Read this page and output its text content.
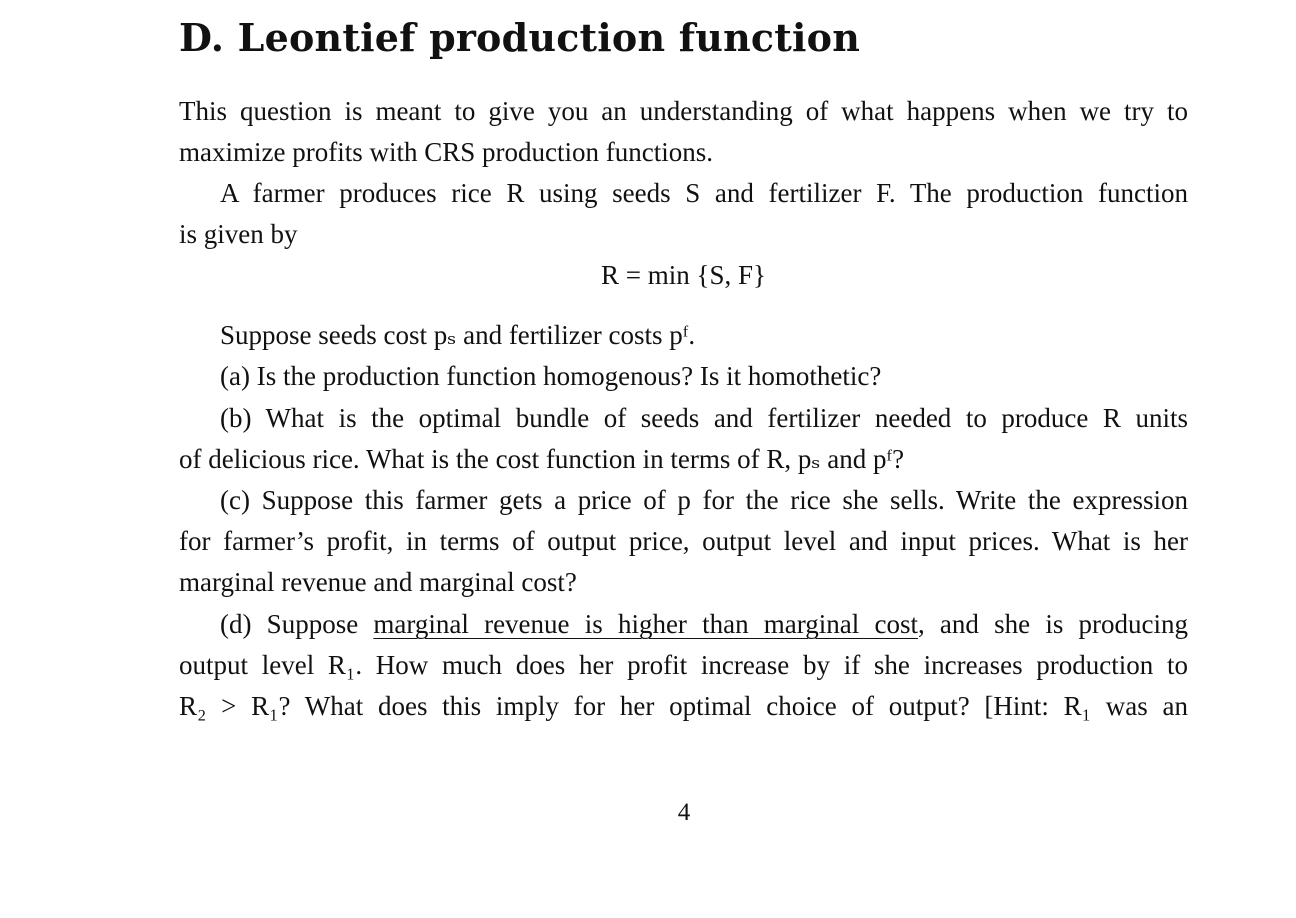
D. Leontief production function
This question is meant to give you an understanding of what happens when we try to
maximize profits with CRS production functions.
A farmer produces rice R using seeds S and fertilizer F. The production function
is given by
R = min {S, F}
Suppose seeds cost pₛ and fertilizer costs pᶠ.
(a) Is the production function homogenous? Is it homothetic?
(b) What is the optimal bundle of seeds and fertilizer needed to produce R units
of delicious rice. What is the cost function in terms of R, pₛ and pᶠ?
(c) Suppose this farmer gets a price of p for the rice she sells. Write the expression
for farmer’s profit, in terms of output price, output level and input prices. What is her
marginal revenue and marginal cost?
(d) Suppose marginal revenue is higher than marginal cost, and she is producing
output level R₁. How much does her profit increase by if she increases production to
R₂ > R₁? What does this imply for her optimal choice of output? [Hint: R₁ was an
4
